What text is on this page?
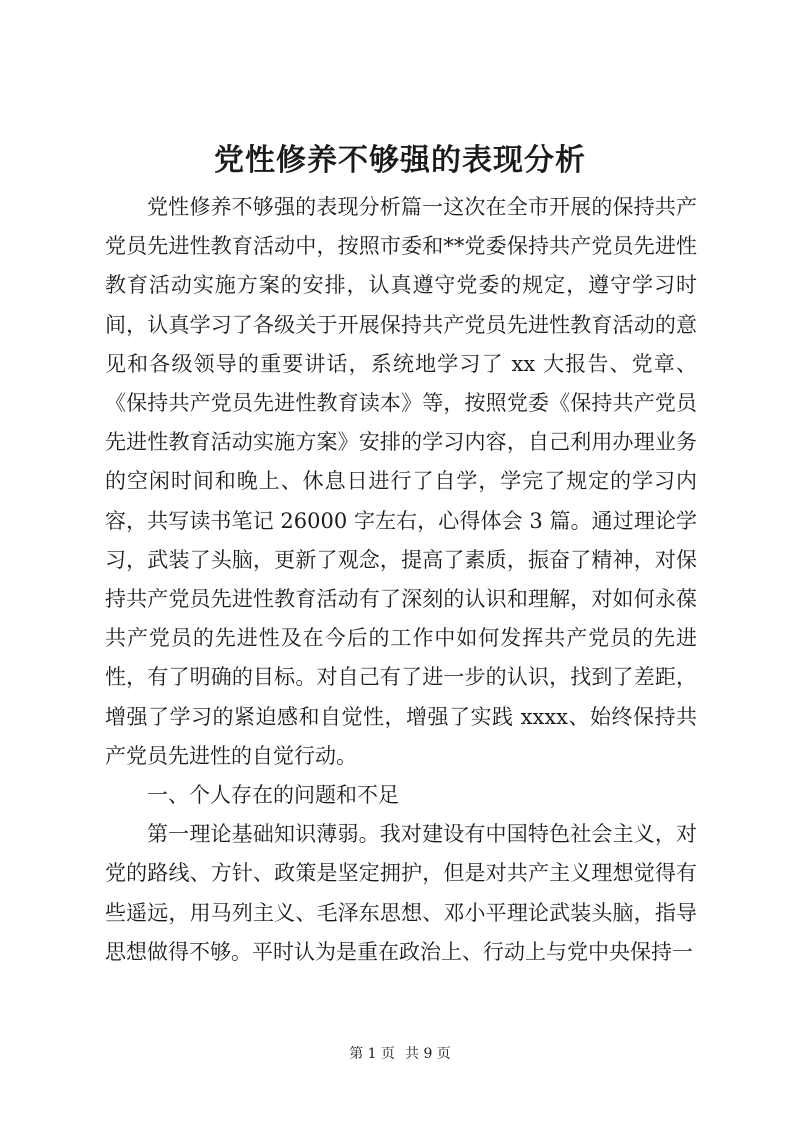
党性修养不够强的表现分析

党性修养不够强的表现分析篇一这次在全市开展的保持共产党员先进性教育活动中，按照市委和**党委保持共产党员先进性教育活动实施方案的安排，认真遵守党委的规定，遵守学习时间，认真学习了各级关于开展保持共产党员先进性教育活动的意见和各级领导的重要讲话，系统地学习了 xx 大报告、党章、《保持共产党员先进性教育读本》等，按照党委《保持共产党员先进性教育活动实施方案》安排的学习内容，自己利用办理业务的空闲时间和晚上、休息日进行了自学，学完了规定的学习内容，共写读书笔记 26000 字左右，心得体会 3 篇。通过理论学习，武装了头脑，更新了观念，提高了素质，振奋了精神，对保持共产党员先进性教育活动有了深刻的认识和理解，对如何永葆共产党员的先进性及在今后的工作中如何发挥共产党员的先进性，有了明确的目标。对自己有了进一步的认识，找到了差距，增强了学习的紧迫感和自觉性，增强了实践 xxxx、始终保持共产党员先进性的自觉行动。

一、个人存在的问题和不足

第一理论基础知识薄弱。我对建设有中国特色社会主义，对党的路线、方针、政策是坚定拥护，但是对共产主义理想觉得有些遥远，用马列主义、毛泽东思想、邓小平理论武装头脑，指导思想做得不够。平时认为是重在政治上、行动上与党中央保持一

第 1 页 共 9 页
